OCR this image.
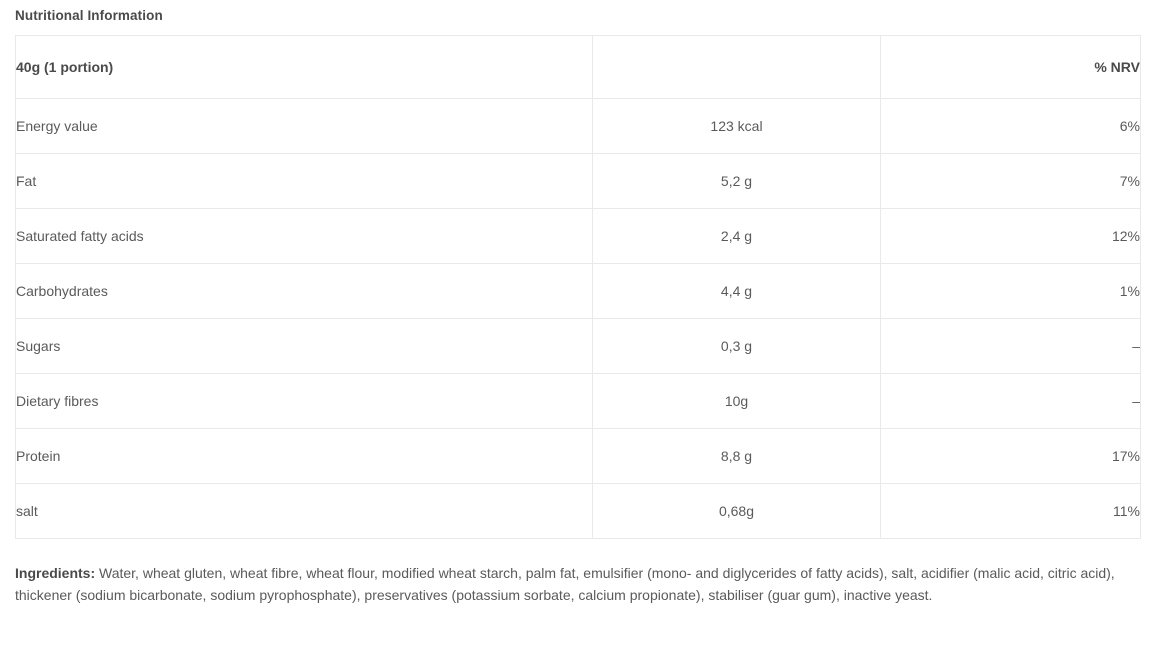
Nutritional Information
40g (1 portion)		% NRV
Energy value	123 kcal	6%
Fat	5,2 g	7%
Saturated fatty acids	2,4 g	12%
Carbohydrates	4,4 g	1%
Sugars	0,3 g	–
Dietary fibres	10g	–
Protein	8,8 g	17%
salt	0,68g	11%

Ingredients: Water, wheat gluten, wheat fibre, wheat flour, modified wheat starch, palm fat, emulsifier (mono- and diglycerides of fatty acids), salt, acidifier (malic acid, citric acid), thickener (sodium bicarbonate, sodium pyrophosphate), preservatives (potassium sorbate, calcium propionate), stabiliser (guar gum), inactive yeast.
